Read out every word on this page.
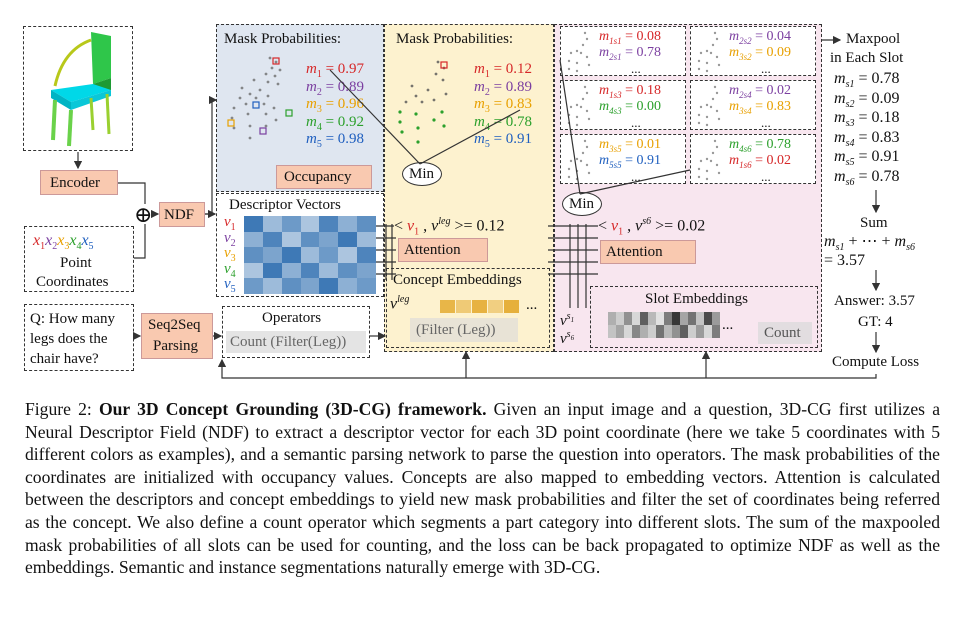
Encoder
$x_1x_2x_3x_4x_5$
Point
Coordinates
⊕ NDF
Q: How many
legs does the
chair have?
Seq2Seq
Parsing
Operators
Count (Filter(Leg))
Mask Probabilities:
$m_1 = 0.97$
$m_2 = 0.89$
$m_3 = 0.96$
$m_4 = 0.92$
$m_5 = 0.98$
Occupancy
Descriptor Vectors
$v_1$
$v_2$
$v_3$
$v_4$
$v_5$
Mask Probabilities:
$m_1 = 0.12$
$m_2 = 0.89$
$m_3 = 0.83$
$m_4 = 0.78$
$m_5 = 0.91$
Min
< $v_1$ , $v^{leg} >= 0.12$
Attention
Concept Embeddings
$v^{leg}$	...
(Filter (Leg))
$m_{1s1} = 0.08$
$m_{2s1} = 0.78$
...
$m_{2s2} = 0.04$
$m_{3s2} = 0.09$
...
$m_{1s3} = 0.18$
$m_{4s3} = 0.00$
...
$m_{2s4} = 0.02$
$m_{3s4} = 0.83$
...
$m_{3s5} = 0.01$
$m_{5s5} = 0.91$
...
$m_{4s6} = 0.78$
$m_{1s6} = 0.02$
...
Min
< $v_1$ , $v^{s6} >= 0.02$
Attention
Slot Embeddings
... Count
$v^{s_1}$
$v^{s_6}$
Maxpool
in Each Slot
$m_{s1} = 0.78$
$m_{s2} = 0.09$
$m_{s3} = 0.18$
$m_{s4} = 0.83$
$m_{s5} = 0.91$
$m_{s6} = 0.78$
Sum
$m_{s1}$ + ⋯ + $m_{s6}$
= 3.57
Answer: 3.57
GT: 4
Compute Loss
Figure 2: Our 3D Concept Grounding (3D-CG) framework. Given an input image and a question, 3D-CG first utilizes a Neural Descriptor Field (NDF) to extract a descriptor vector for each 3D point coordinate (here we take 5 coordinates with 5 different colors as examples), and a semantic parsing network to parse the question into operators. The mask probabilities of the coordinates are initialized with occupancy values. Concepts are also mapped to embedding vectors. Attention is calculated between the descriptors and concept embeddings to yield new mask probabilities and filter the set of coordinates being referred as the concept. We also define a count operator which segments a part category into different slots. The sum of the maxpooled mask probabilities of all slots can be used for counting, and the loss can be back propagated to optimize NDF as well as the embeddings. Semantic and instance segmentations naturally emerge with 3D-CG.
